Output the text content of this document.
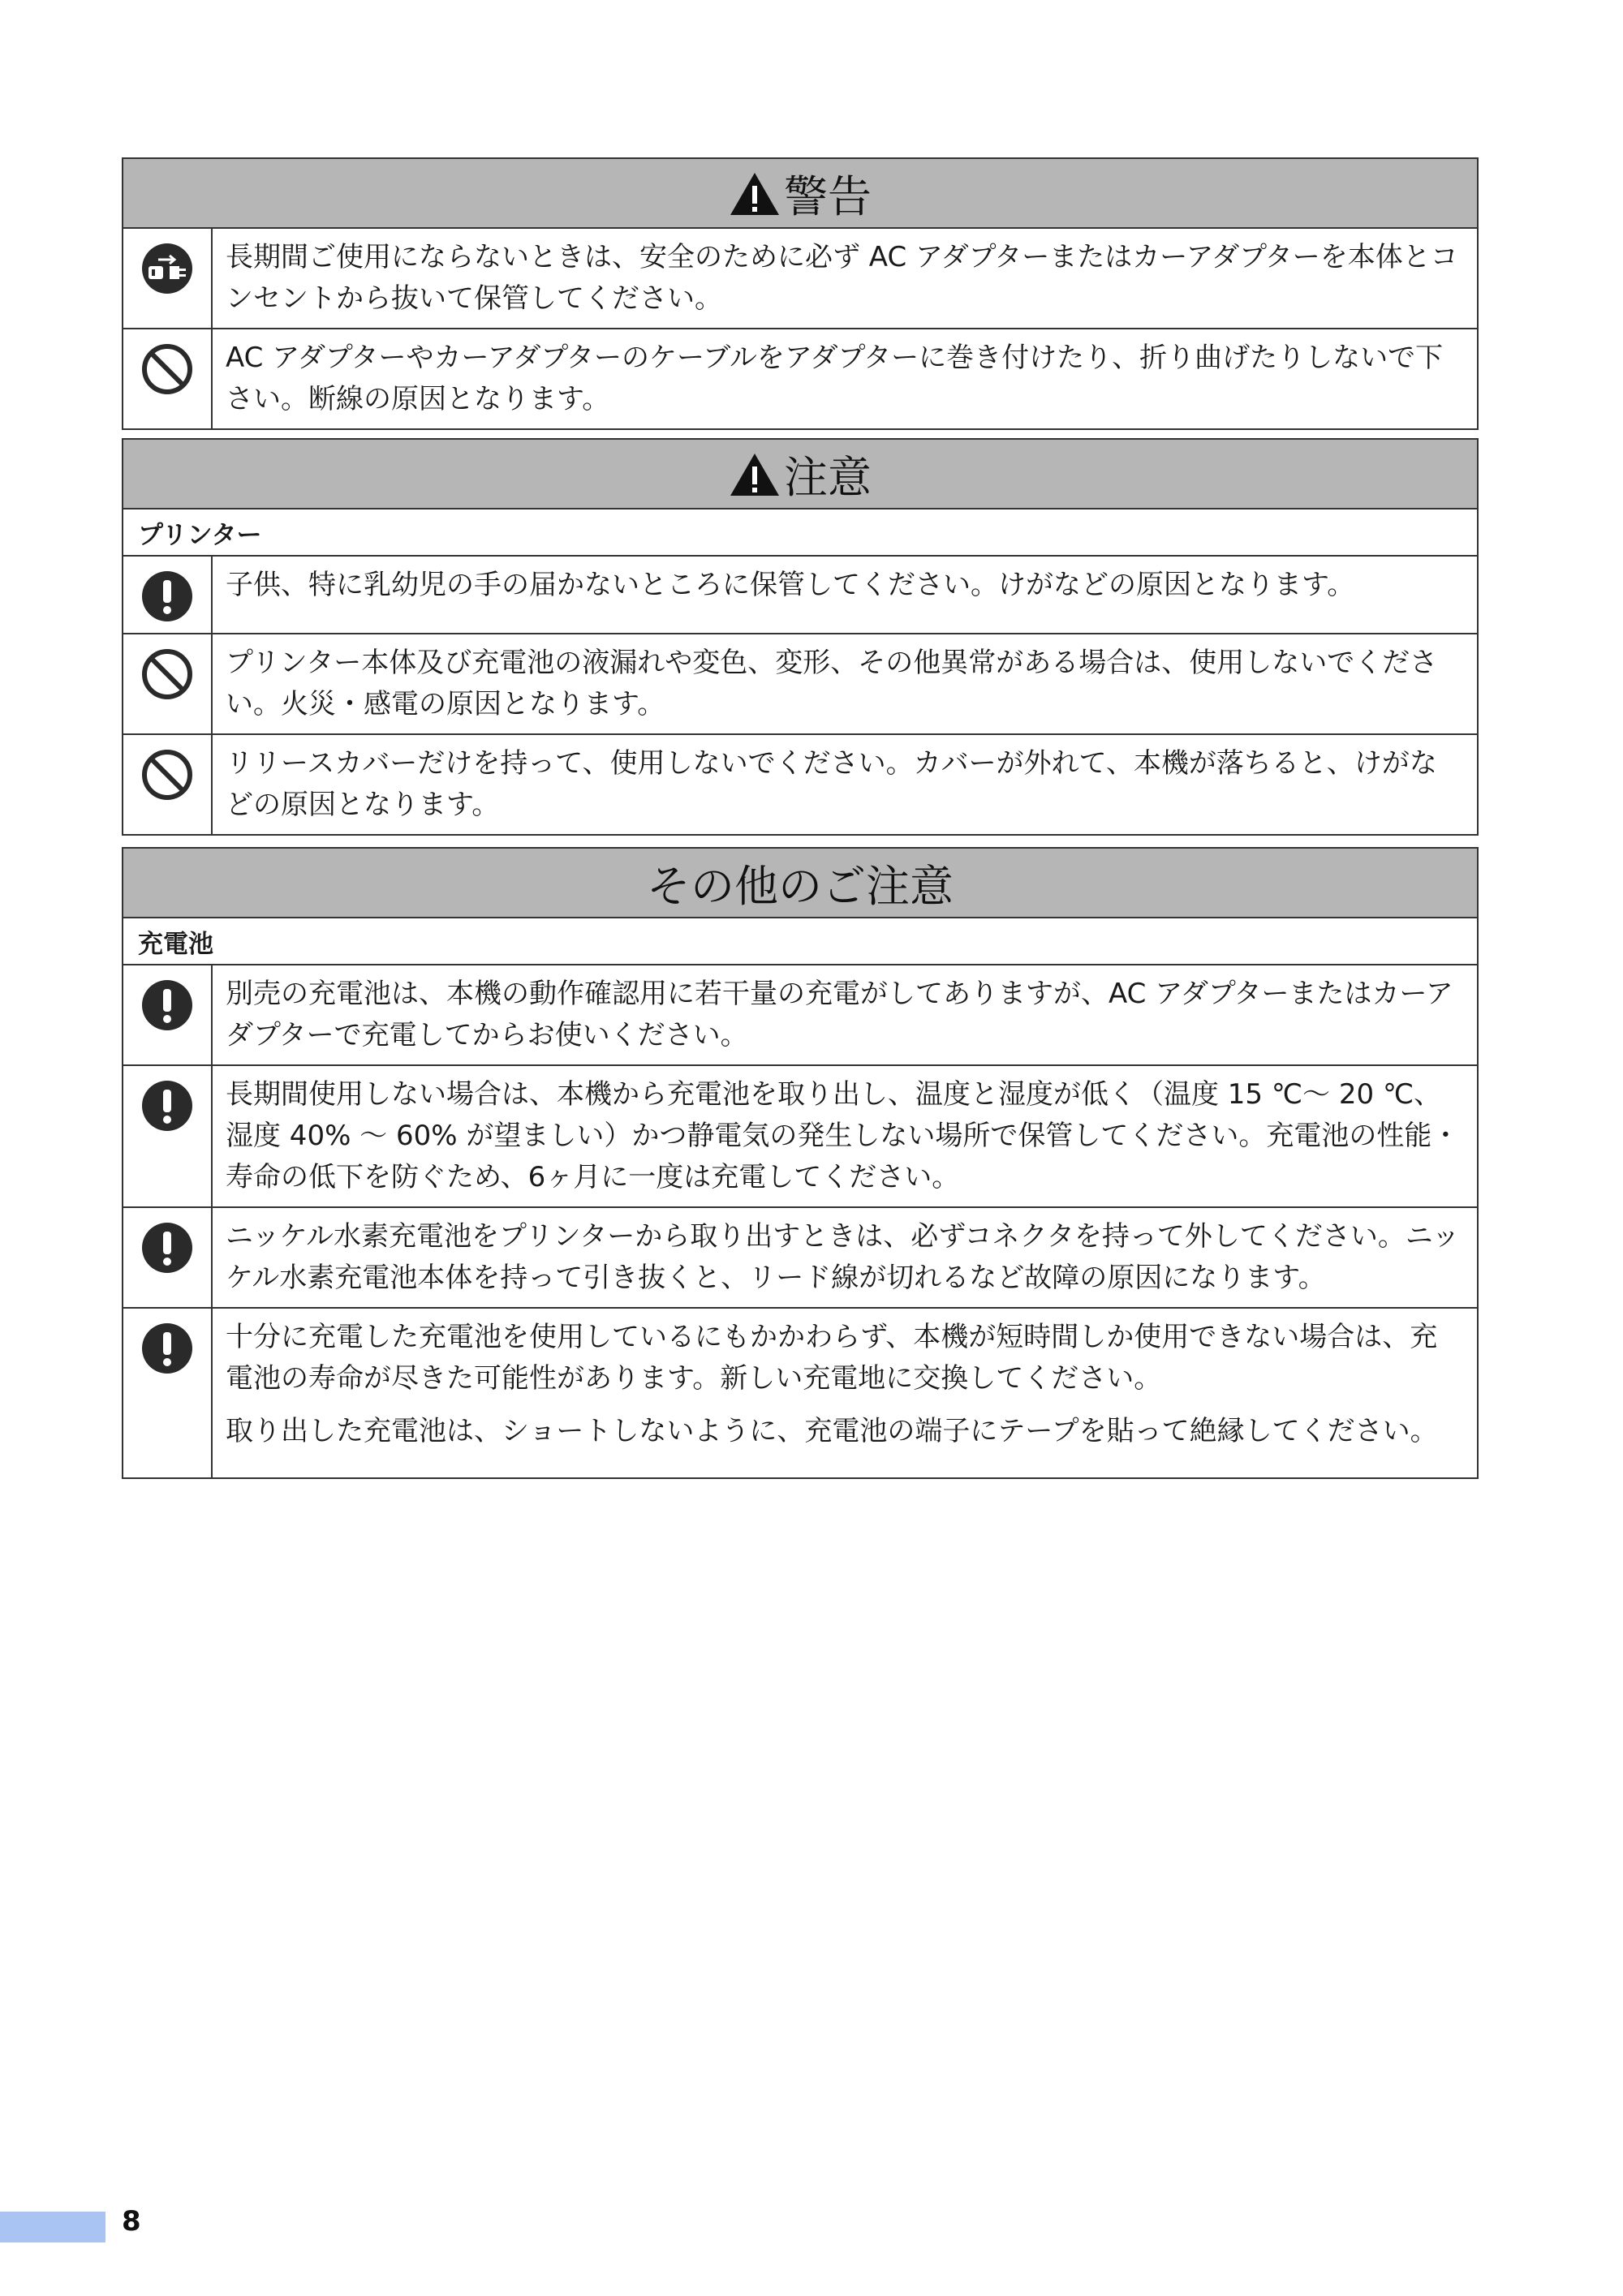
警告	

	長期間ご使用にならないときは、安全のために必ず AC アダプターまたはカーアダプターを本体とコンセントから抜いて保管してください。

	AC アダプターやカーアダプターのケーブルをアダプターに巻き付けたり、折り曲げたりしないで下さい。断線の原因となります。
注意	
プリンター	

	子供、特に乳幼児の手の届かないところに保管してください。けがなどの原因となります。

	プリンター本体及び充電池の液漏れや変色、変形、その他異常がある場合は、使用しないでください。火災・感電の原因となります。

	リリースカバーだけを持って、使用しないでください。カバーが外れて、本機が落ちると、けがなどの原因となります。
その他のご注意	
充電池	

	別売の充電池は、本機の動作確認用に若干量の充電がしてありますが、AC アダプターまたはカーアダプターで充電してからお使いください。

	長期間使用しない場合は、本機から充電池を取り出し、温度と湿度が低く（温度 15 ℃～ 20 ℃、湿度 40% ～ 60% が望ましい）かつ静電気の発生しない場所で保管してください。充電池の性能・寿命の低下を防ぐため、6ヶ月に一度は充電してください。

	ニッケル水素充電池をプリンターから取り出すときは、必ずコネクタを持って外してください。ニッケル水素充電池本体を持って引き抜くと、リード線が切れるなど故障の原因になります。

十分に充電した充電池を使用しているにもかかわらず、本機が短時間しか使用できない場合は、充電池の寿命が尽きた可能性があります。新しい充電地に交換してください。

取り出した充電池は、ショートしないように、充電池の端子にテープを貼って絶縁してください。

8
